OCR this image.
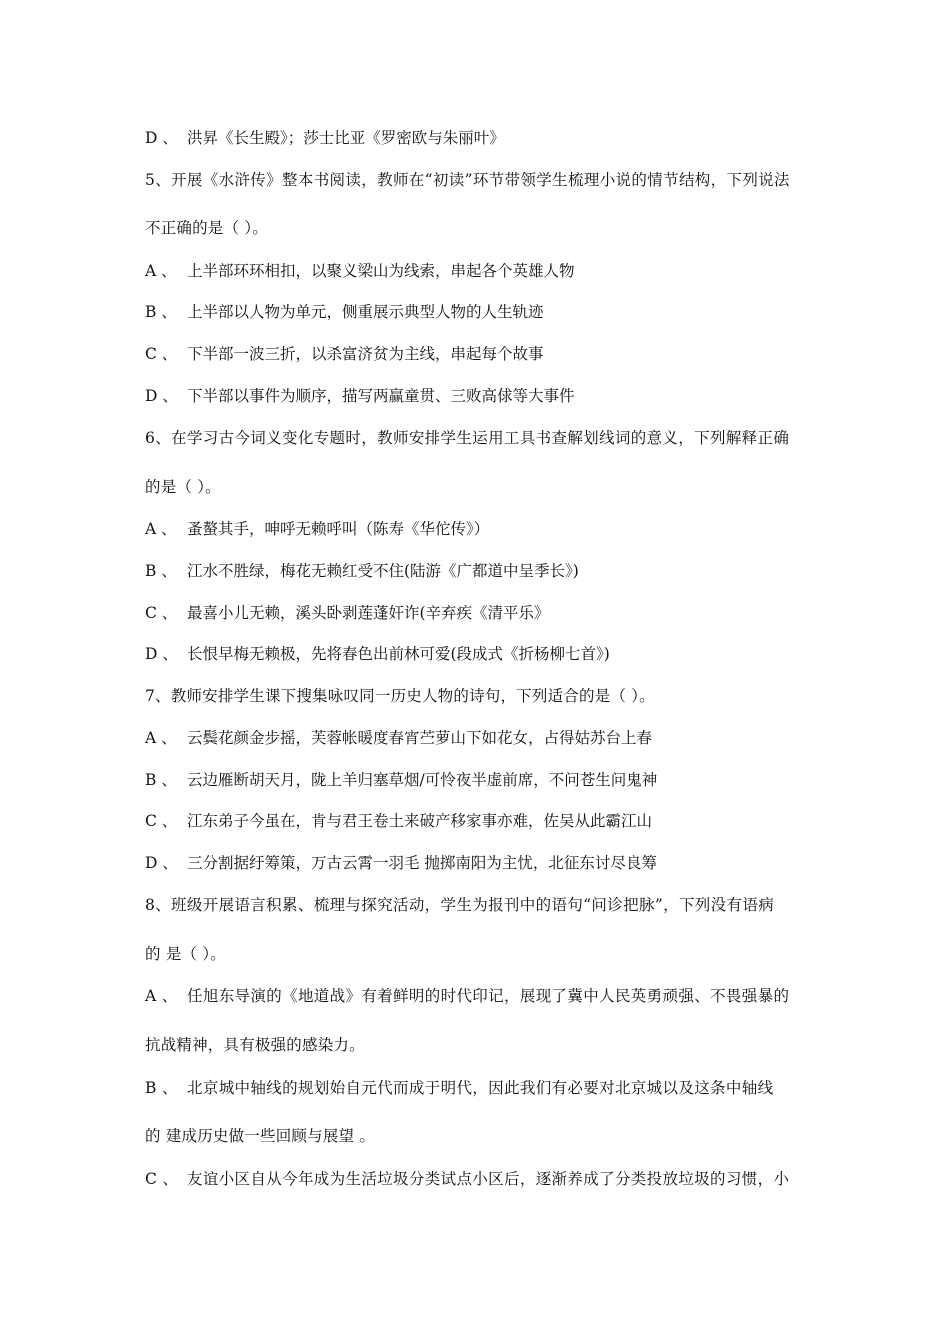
D 、 洪昇《长生殿》；莎士比亚《罗密欧与朱丽叶》
5、开展《水浒传》整本书阅读，教师在“初读”环节带领学生梳理小说的情节结构，下列说法
不正确的是（ ）。
A 、 上半部环环相扣，以聚义梁山为线索，串起各个英雄人物
B 、 上半部以人物为单元，侧重展示典型人物的人生轨迹
C 、 下半部一波三折，以杀富济贫为主线，串起每个故事
D 、 下半部以事件为顺序，描写两赢童贯、三败高俅等大事件
6、在学习古今词义变化专题时，教师安排学生运用工具书查解划线词的意义，下列解释正确
的是（ ）。
A 、 蚤螯其手，呻呼无赖呼叫（陈寿《华佗传》）
B 、 江水不胜绿，梅花无赖红受不住(陆游《广都道中呈季长》)
C 、 最喜小儿无赖，溪头卧剥莲蓬奸诈(辛弃疾《清平乐》
D 、 长恨早梅无赖极，先将春色出前林可爱(段成式《折杨柳七首》)
7、教师安排学生课下搜集咏叹同一历史人物的诗句，下列适合的是（ ）。
A 、 云鬓花颜金步摇，芙蓉帐暖度春宵苎萝山下如花女，占得姑苏台上春
B 、 云边雁断胡天月，陇上羊归塞草烟/可怜夜半虚前席，不问苍生问鬼神
C 、 江东弟子今虽在，肯与君王卷土来破产移家事亦难，佐吴从此霸江山
D 、 三分割据纡筹策，万古云霄一羽毛 抛掷南阳为主忧，北征东讨尽良筹
8、班级开展语言积累、梳理与探究活动，学生为报刊中的语句“问诊把脉”，下列没有语病
的 是（ ）。
A 、 任旭东导演的《地道战》有着鲜明的时代印记，展现了冀中人民英勇顽强、不畏强暴的
抗战精神，具有极强的感染力。
B 、 北京城中轴线的规划始自元代而成于明代，因此我们有必要对北京城以及这条中轴线
的 建成历史做一些回顾与展望 。
C 、 友谊小区自从今年成为生活垃圾分类试点小区后，逐渐养成了分类投放垃圾的习惯，小
